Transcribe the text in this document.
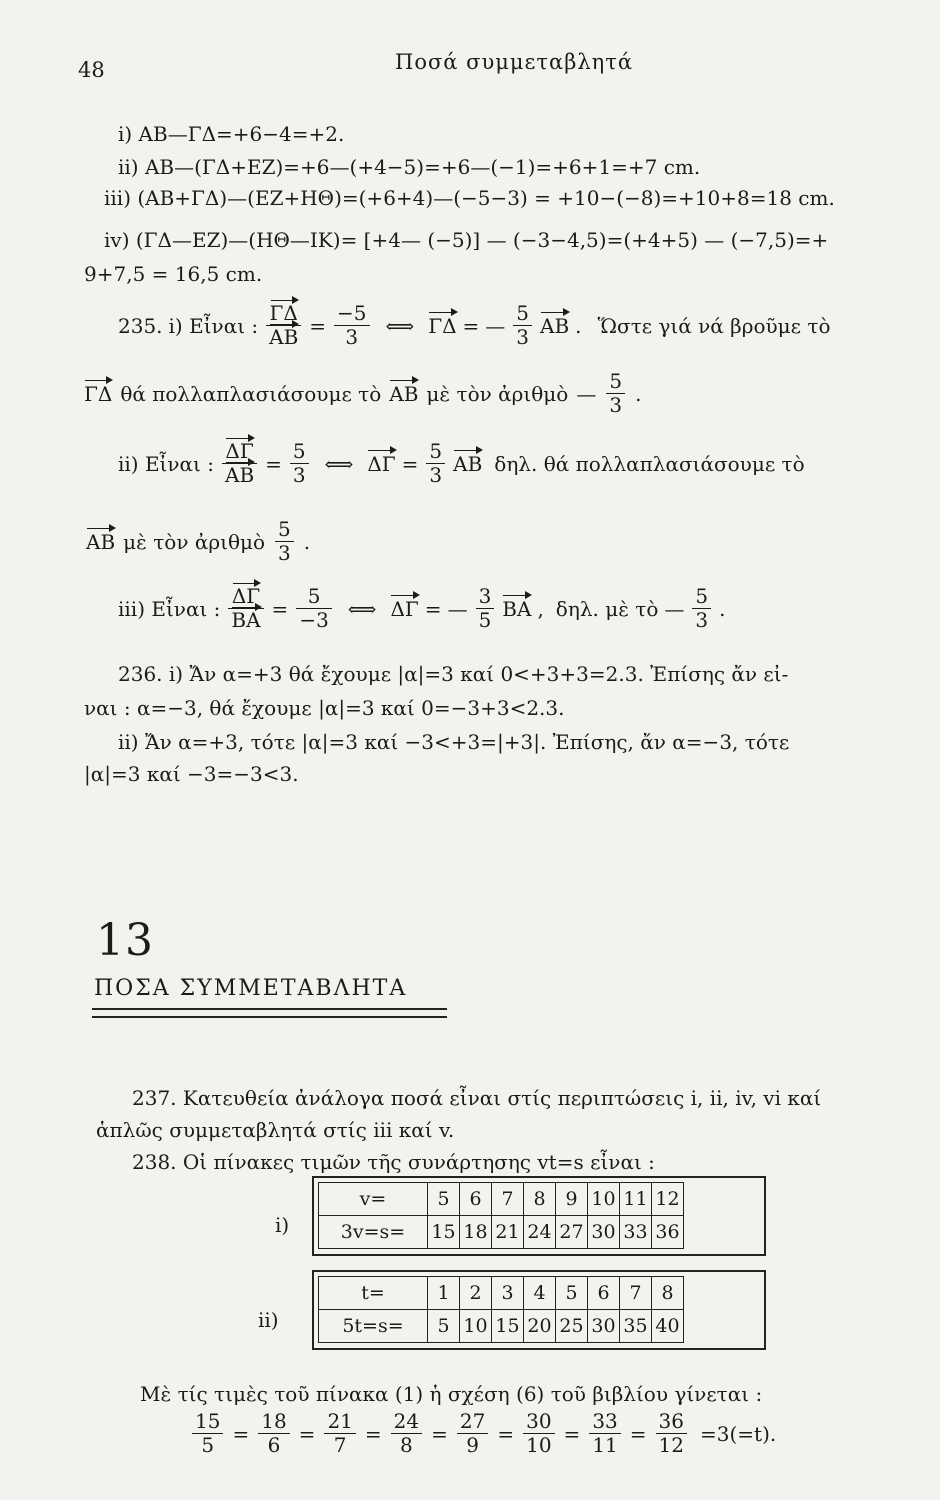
48	Ποσά συμμεταβλητά
i) AB—ΓΔ=+6−4=+2.
ii) AB—(ΓΔ+EZ)=+6—(+4−5)=+6—(−1)=+6+1=+7 cm.
iii) (AB+ΓΔ)—(EZ+HΘ)=(+6+4)—(−5−3) = +10−(−8)=+10+8=18 cm.
iv) (ΓΔ—EZ)—(HΘ—IK)= [+4— (−5)] — (−3−4,5)=(+4+5) — (−7,5)=+
9+7,5 = 16,5 cm.
235. i) Εἶναι : $\frac{\Gamma\Delta}{AB} = \frac{-5}{3}$ ⟺ ΓΔ = — $\frac{5}{3}$ AB . Ὥστε γιά νά βροῦμε τὸ
ΓΔ θά πολλαπλασιάσουμε τὸ AB μὲ τὸν ἀριθμὸ — $\frac{5}{3}$ .
ii) Εἶναι : $\frac{\Delta\Gamma}{AB} = \frac{5}{3}$ ⟺ $\Delta\Gamma = \frac{5}{3}$ AB δηλ. θά πολλαπλασιάσουμε τὸ
AB μὲ τὸν ἀριθμὸ $\frac{5}{3}$ .
iii) Εἶναι : $\frac{\Delta\Gamma}{BA} = \frac{5}{-3}$ ⟺ ΔΓ = — $\frac{3}{5}$ BA , δηλ. μὲ τὸ — $\frac{5}{3}$ .
236. i) Ἄν α=+3 θά ἔχουμε |α|=3 καί 0<+3+3=2.3. Ἐπίσης ἄν εἰ-
ναι : α=−3, θά ἔχουμε |α|=3 καί 0=−3+3<2.3.
ii) Ἄν α=+3, τότε |α|=3 καί −3<+3=|+3|. Ἐπίσης, ἄν α=−3, τότε
|α|=3 καί −3=−3<3.
13
ΠΟΣΑ ΣΥΜΜΕΤΑΒΛΗΤΑ
237. Κατευθεία ἀνάλογα ποσά εἶναι στίς περιπτώσεις i, ii, iv, vi καί
ἁπλῶς συμμεταβλητά στίς iii καί v.
238. Οἱ πίνακες τιμῶν τῆς συνάρτησης vt=s εἶναι :
i)
v=	5	6	7	8	9	10	11	12
3v=s=	15	18	21	24	27	30	33	36
ii)
t=	1	2	3	4	5	6	7	8
5t=s=	5	10	15	20	25	30	35	40
Μὲ τίς τιμὲς τοῦ πίνακα (1) ἡ σχέση (6) τοῦ βιβλίου γίνεται :
$\frac{15}{5} = \frac{18}{6} = \frac{21}{7} = \frac{24}{8} = \frac{27}{9} = \frac{30}{10} = \frac{33}{11} = \frac{36}{12} =3(=t)$.
